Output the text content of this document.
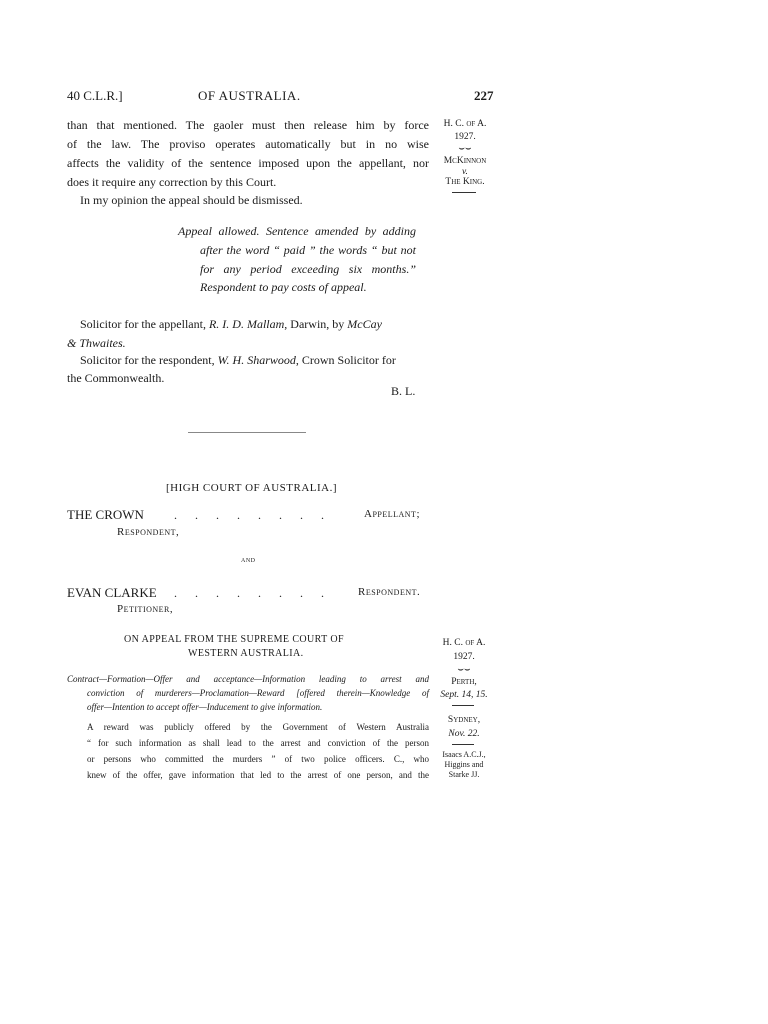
40 C.L.R.]	OF AUSTRALIA.	227
than that mentioned. The gaoler must then release him by force
of the law. The proviso operates automatically but in no wise
affects the validity of the sentence imposed upon the appellant, nor
does it require any correction by this Court.
In my opinion the appeal should be dismissed.
H. C. of A.
1927.
⌣⌣
McKinnon
v.
The King.
Appeal allowed. Sentence amended by adding
after the word “ paid ” the words “ but not
for any period exceeding six months.”
Respondent to pay costs of appeal.
Solicitor for the appellant, R. I. D. Mallam, Darwin, by McCay
& Thwaites.
Solicitor for the respondent, W. H. Sharwood, Crown Solicitor for
the Commonwealth.
B. L.
[HIGH COURT OF AUSTRALIA.]
THE CROWN	.      .      .      .      .      .      .      .	Appellant;
Respondent,
and
EVAN CLARKE .      .      .      .      .      .      .      .	Respondent.
Petitioner,
ON APPEAL FROM THE SUPREME COURT OF
WESTERN AUSTRALIA.
Contract—Formation—Offer and acceptance—Information leading to arrest and
conviction of murderers—Proclamation—Reward [offered therein—Knowledge of
offer—Intention to accept offer—Inducement to give information.
A reward was publicly offered by the Government of Western Australia
“ for such information as shall lead to the arrest and conviction of the person
or persons who committed the murders ” of two police officers. C., who
knew of the offer, gave information that led to the arrest of one person, and the
H. C. of A.
1927.
⌣⌣
Perth,
Sept. 14, 15.
Sydney,
Nov. 22.
Isaacs A.C.J.,
Higgins and
Starke JJ.
